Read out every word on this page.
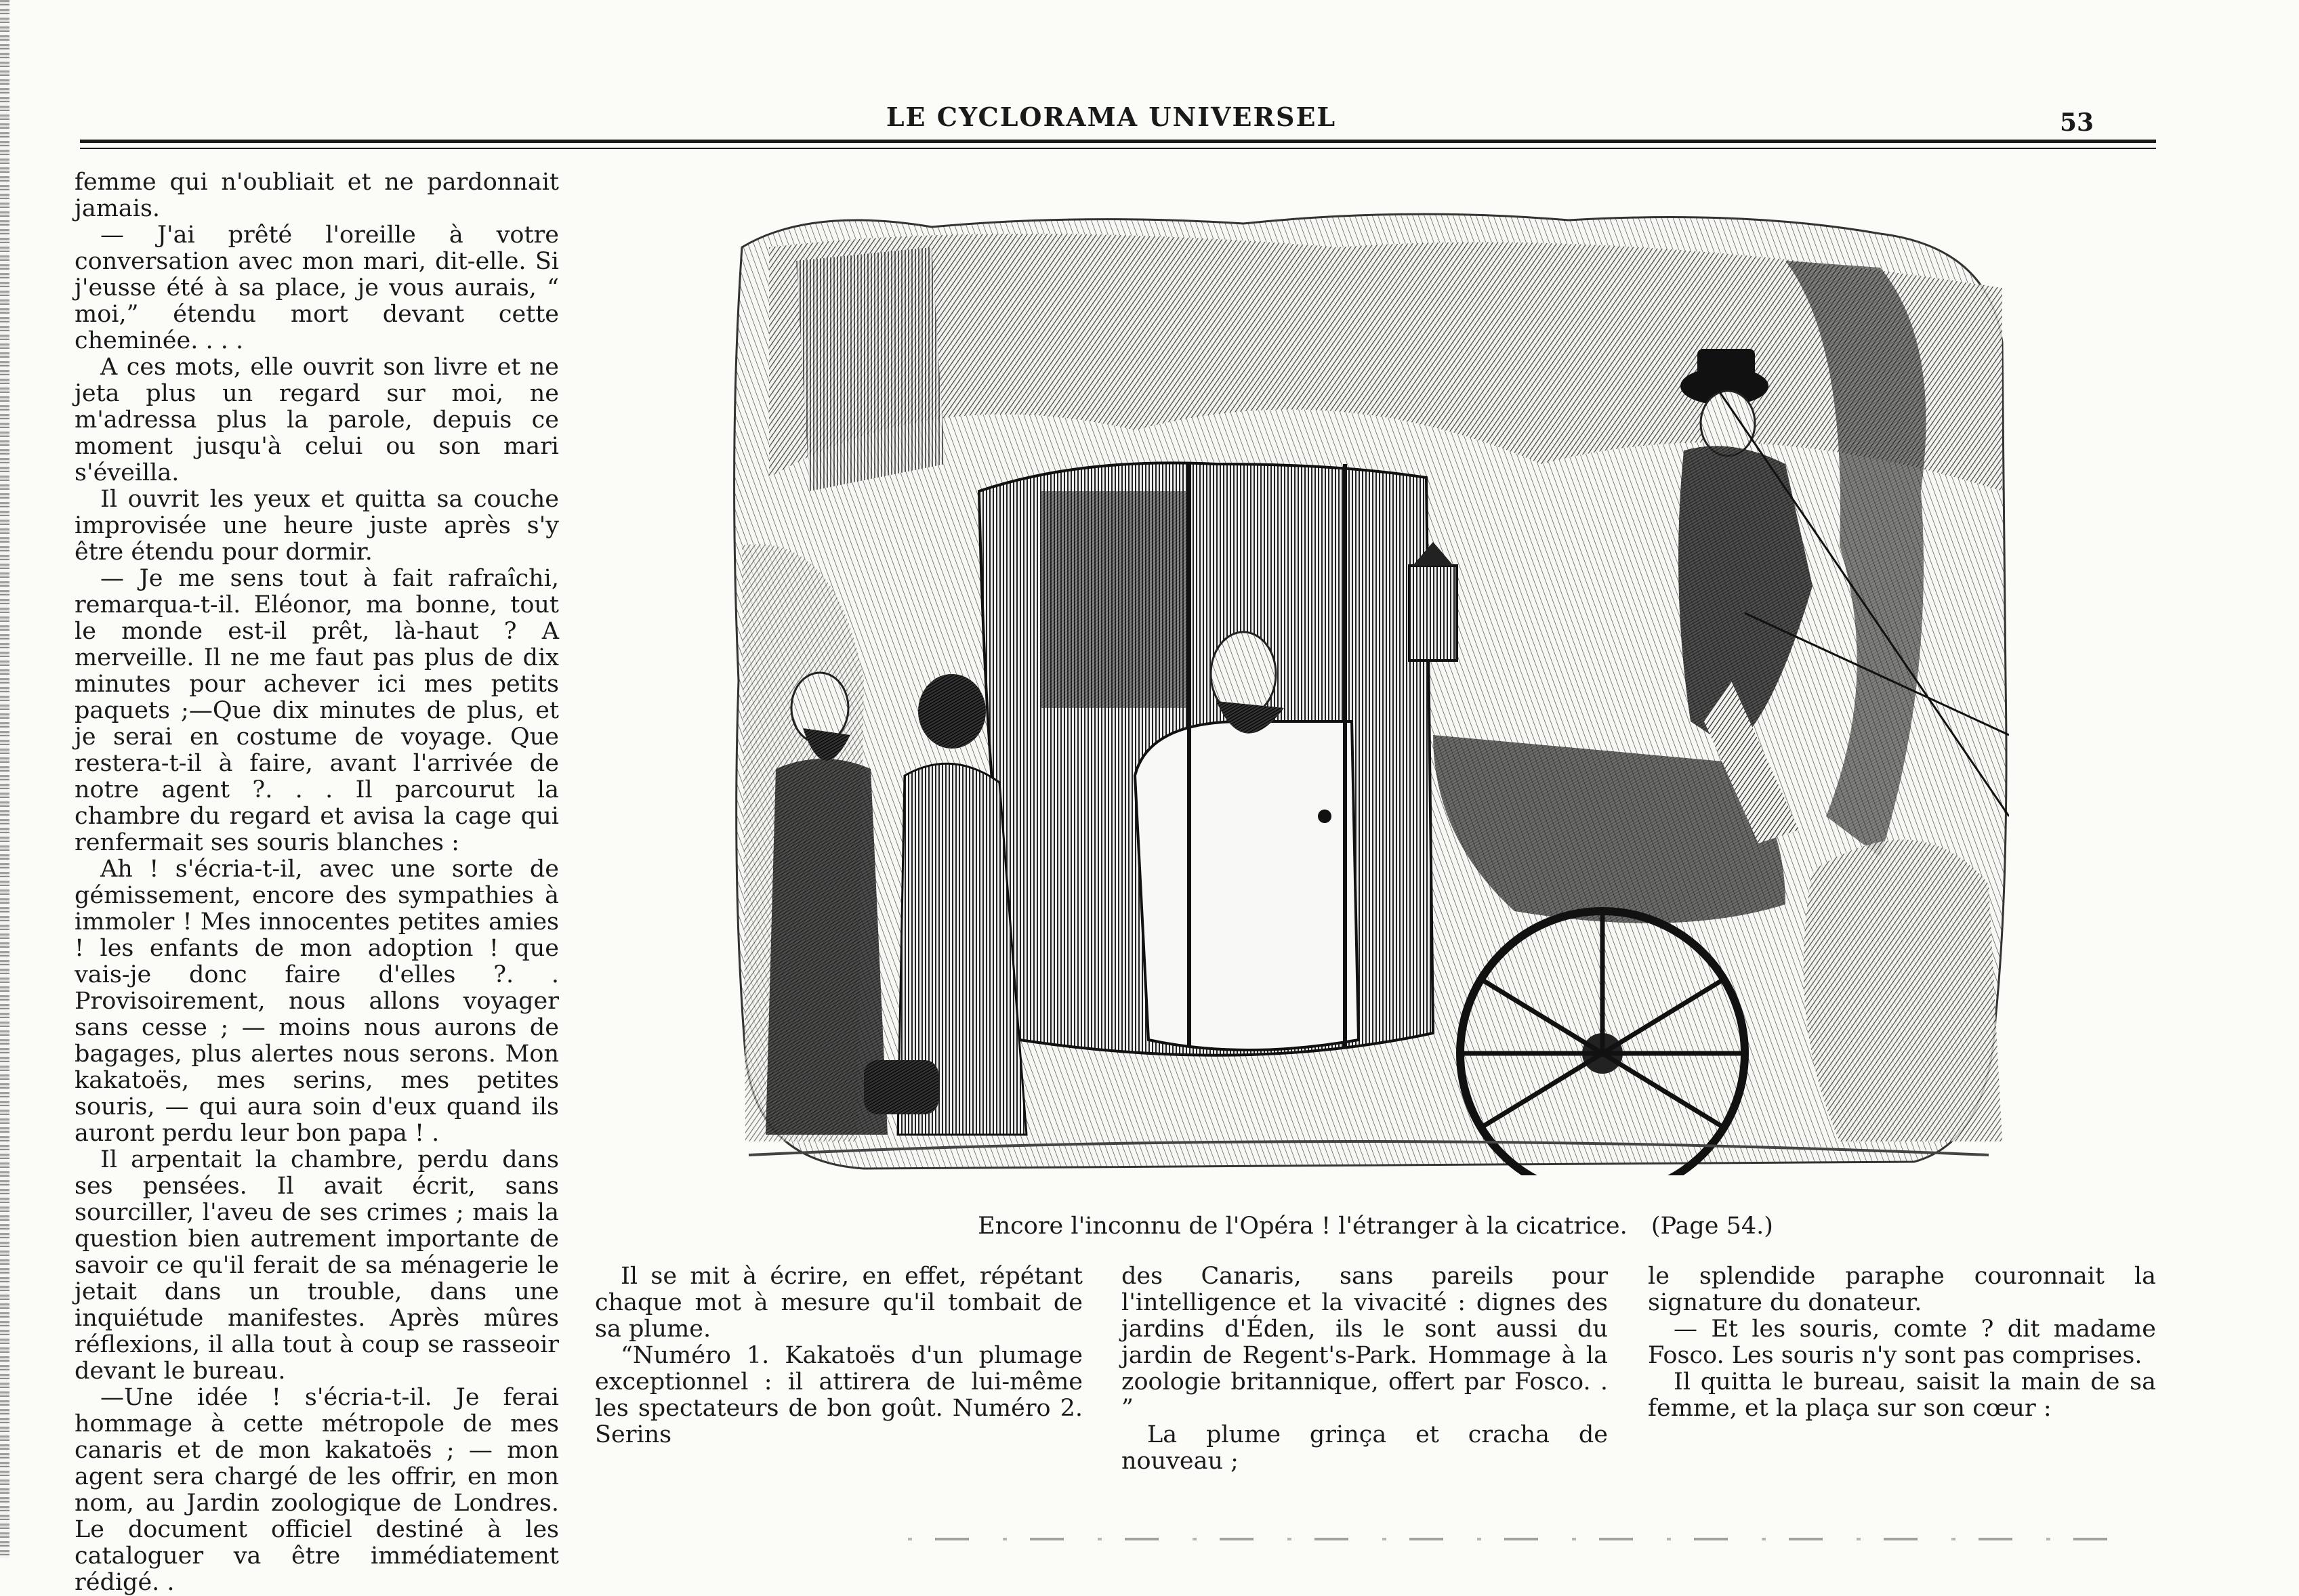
LE CYCLORAMA UNIVERSEL	53

femme qui n'oubliait et ne pardonnait jamais.

— J'ai prêté l'oreille à votre conversation avec mon mari, dit-elle. Si j'eusse été à sa place, je vous aurais, “ moi,” étendu mort devant cette cheminée. . . .

A ces mots, elle ouvrit son livre et ne jeta plus un regard sur moi, ne m'adressa plus la parole, depuis ce moment jusqu'à celui ou son mari s'éveilla.

Il ouvrit les yeux et quitta sa couche improvisée une heure juste après s'y être étendu pour dormir.

— Je me sens tout à fait rafraîchi, remarqua-t-il. Eléonor, ma bonne, tout le monde est-il prêt, là-haut ? A merveille. Il ne me faut pas plus de dix minutes pour achever ici mes petits paquets ;—Que dix minutes de plus, et je serai en costume de voyage. Que restera-t-il à faire, avant l'arrivée de notre agent ?. . . Il parcourut la chambre du regard et avisa la cage qui renfermait ses souris blanches :

Ah ! s'écria-t-il, avec une sorte de gémissement, encore des sympathies à immoler ! Mes innocentes petites amies ! les enfants de mon adoption ! que vais-je donc faire d'elles ?. . Provisoirement, nous allons voyager sans cesse ; — moins nous aurons de bagages, plus alertes nous serons. Mon kakatoës, mes serins, mes petites souris, — qui aura soin d'eux quand ils auront perdu leur bon papa ! .

Il arpentait la chambre, perdu dans ses pensées. Il avait écrit, sans sourciller, l'aveu de ses crimes ; mais la question bien autrement importante de savoir ce qu'il ferait de sa ménagerie le jetait dans un trouble, dans une inquiétude manifestes. Après mûres réflexions, il alla tout à coup se rasseoir devant le bureau.

—Une idée ! s'écria-t-il. Je ferai hommage à cette métropole de mes canaris et de mon kakatoës ; — mon agent sera chargé de les offrir, en mon nom, au Jardin zoologique de Londres. Le document officiel destiné à les cataloguer va être immédiatement rédigé. .

Encore l'inconnu de l'Opéra ! l'étranger à la cicatrice. (Page 54.)

Il se mit à écrire, en effet, répétant chaque mot à mesure qu'il tombait de sa plume.

“Numéro 1. Kakatoës d'un plumage exceptionnel : il attirera de lui-même les spectateurs de bon goût. Numéro 2. Serins

des Canaris, sans pareils pour l'intelligence et la vivacité : dignes des jardins d'Éden, ils le sont aussi du jardin de Regent's-Park. Hommage à la zoologie britannique, offert par Fosco. . ”

La plume grinça et cracha de nouveau ;

le splendide paraphe couronnait la signature du donateur.

— Et les souris, comte ? dit madame Fosco. Les souris n'y sont pas comprises.

Il quitta le bureau, saisit la main de sa femme, et la plaça sur son cœur :
